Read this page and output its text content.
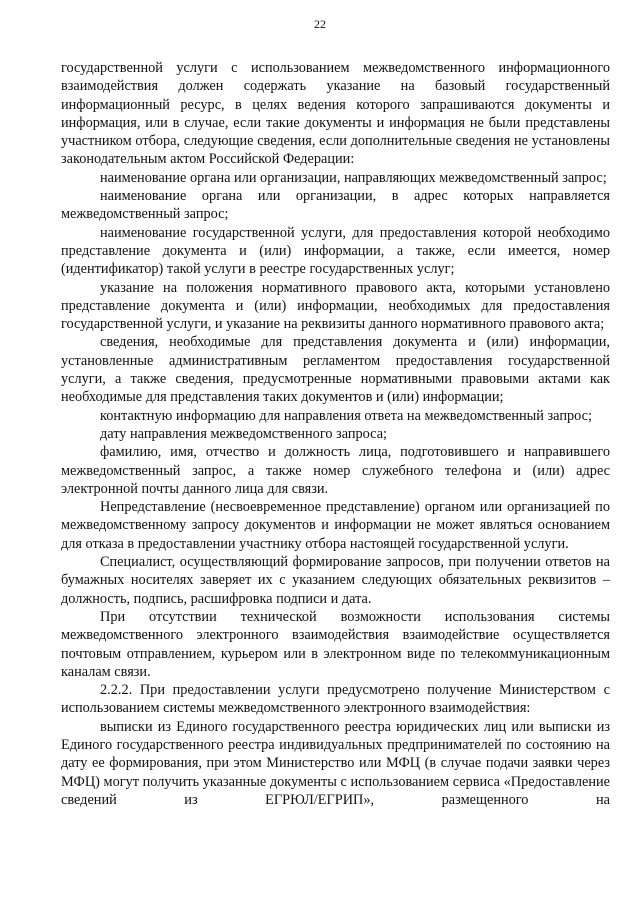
22

государственной услуги с использованием межведомственного информационного взаимодействия должен содержать указание на базовый государственный информационный ресурс, в целях ведения которого запрашиваются документы и информация, или в случае, если такие документы и информация не были представлены участником отбора, следующие сведения, если дополнительные сведения не установлены законодательным актом Российской Федерации:

наименование органа или организации, направляющих межведомственный запрос;

наименование органа или организации, в адрес которых направляется межведомственный запрос;

наименование государственной услуги, для предоставления которой необходимо представление документа и (или) информации, а также, если имеется, номер (идентификатор) такой услуги в реестре государственных услуг;

указание на положения нормативного правового акта, которыми установлено представление документа и (или) информации, необходимых для предоставления государственной услуги, и указание на реквизиты данного нормативного правового акта;

сведения, необходимые для представления документа и (или) информации, установленные административным регламентом предоставления государственной услуги, а также сведения, предусмотренные нормативными правовыми актами как необходимые для представления таких документов и (или) информации;

контактную информацию для направления ответа на межведомственный запрос;

дату направления межведомственного запроса;

фамилию, имя, отчество и должность лица, подготовившего и направившего межведомственный запрос, а также номер служебного телефона и (или) адрес электронной почты данного лица для связи.

Непредставление (несвоевременное представление) органом или организацией по межведомственному запросу документов и информации не может являться основанием для отказа в предоставлении участнику отбора настоящей государственной услуги.

Специалист, осуществляющий формирование запросов, при получении ответов на бумажных носителях заверяет их с указанием следующих обязательных реквизитов – должность, подпись, расшифровка подписи и дата.

При отсутствии технической возможности использования системы межведомственного электронного взаимодействия взаимодействие осуществляется почтовым отправлением, курьером или в электронном виде по телекоммуникационным каналам связи.

2.2.2. При предоставлении услуги предусмотрено получение Министерством с использованием системы межведомственного электронного взаимодействия:

выписки из Единого государственного реестра юридических лиц или выписки из Единого государственного реестра индивидуальных предпринимателей по состоянию на дату ее формирования, при этом Министерство или МФЦ (в случае подачи заявки через МФЦ) могут получить указанные документы с использованием сервиса «Предоставление сведений из ЕГРЮЛ/ЕГРИП», размещенного на
